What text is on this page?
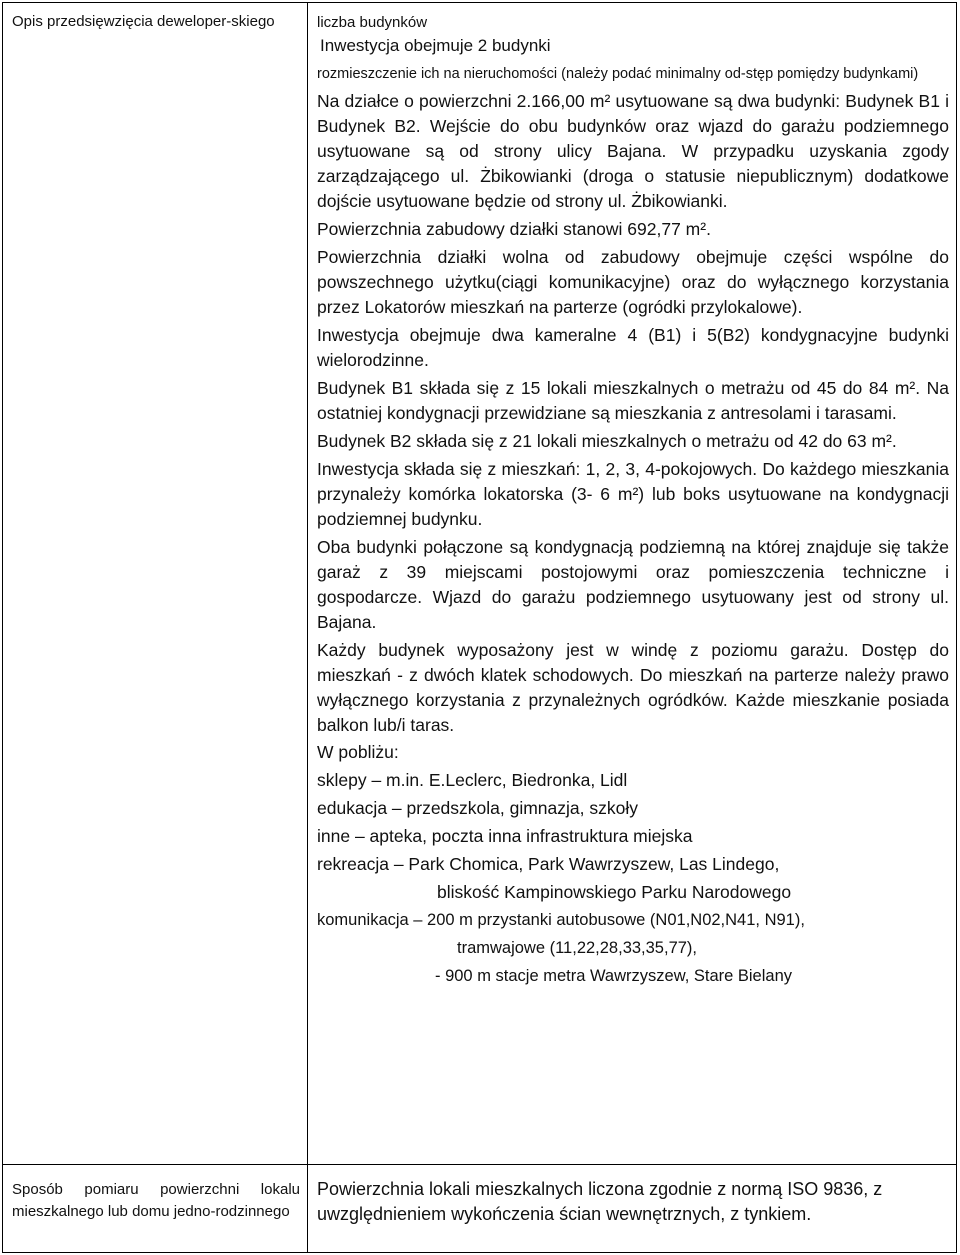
Opis przedsięwzięcia deweloper-skiego	liczba budynków

Inwestycja obejmuje 2 budynki

rozmieszczenie ich na nieruchomości (należy podać minimalny od-stęp pomiędzy budynkami)

Na działce o powierzchni 2.166,00 m² usytuowane są dwa budynki: Budynek B1 i Budynek B2. Wejście do obu budynków oraz wjazd do garażu podziemnego usytuowane są od strony ulicy Bajana. W przypadku uzyskania zgody zarządzającego ul. Żbikowianki (droga o statusie niepublicznym) dodatkowe dojście usytuowane będzie od strony ul. Żbikowianki.

Powierzchnia zabudowy działki stanowi 692,77 m².

Powierzchnia działki wolna od zabudowy obejmuje części wspólne do powszechnego użytku(ciągi komunikacyjne) oraz do wyłącznego korzystania przez Lokatorów mieszkań na parterze (ogródki przylokalowe).

Inwestycja obejmuje dwa kameralne 4 (B1) i 5(B2) kondygnacyjne budynki wielorodzinne.

Budynek B1 składa się z 15 lokali mieszkalnych o metrażu od 45 do 84 m². Na ostatniej kondygnacji przewidziane są mieszkania z antresolami i tarasami.

Budynek B2 składa się z 21 lokali mieszkalnych o metrażu od 42 do 63 m².

Inwestycja składa się z mieszkań: 1, 2, 3, 4-pokojowych. Do każdego mieszkania przynależy komórka lokatorska (3- 6 m²) lub boks usytuowane na kondygnacji podziemnej budynku.

Oba budynki połączone są kondygnacją podziemną na której znajduje się także garaż z 39 miejscami postojowymi oraz pomieszczenia techniczne i gospodarcze. Wjazd do garażu podziemnego usytuowany jest od strony ul. Bajana.

Każdy budynek wyposażony jest w windę z poziomu garażu. Dostęp do mieszkań - z dwóch klatek schodowych. Do mieszkań na parterze należy prawo wyłącznego korzystania z przynależnych ogródków. Każde mieszkanie posiada balkon lub/i taras.

W pobliżu:

sklepy – m.in. E.Leclerc, Biedronka, Lidl

edukacja – przedszkola, gimnazja, szkoły

inne – apteka, poczta inna infrastruktura miejska

rekreacja – Park Chomica, Park Wawrzyszew, Las Lindego,

bliskość Kampinowskiego Parku Narodowego

komunikacja – 200 m przystanki autobusowe (N01,N02,N41, N91),

tramwajowe (11,22,28,33,35,77),

- 900 m stacje metra Wawrzyszew, Stare Bielany

Sposób pomiaru powierzchni lokalu mieszkalnego lub domu jedno-rodzinnego
Powierzchnia lokali mieszkalnych liczona zgodnie z normą ISO 9836, z uwzględnieniem wykończenia ścian wewnętrznych, z tynkiem.
